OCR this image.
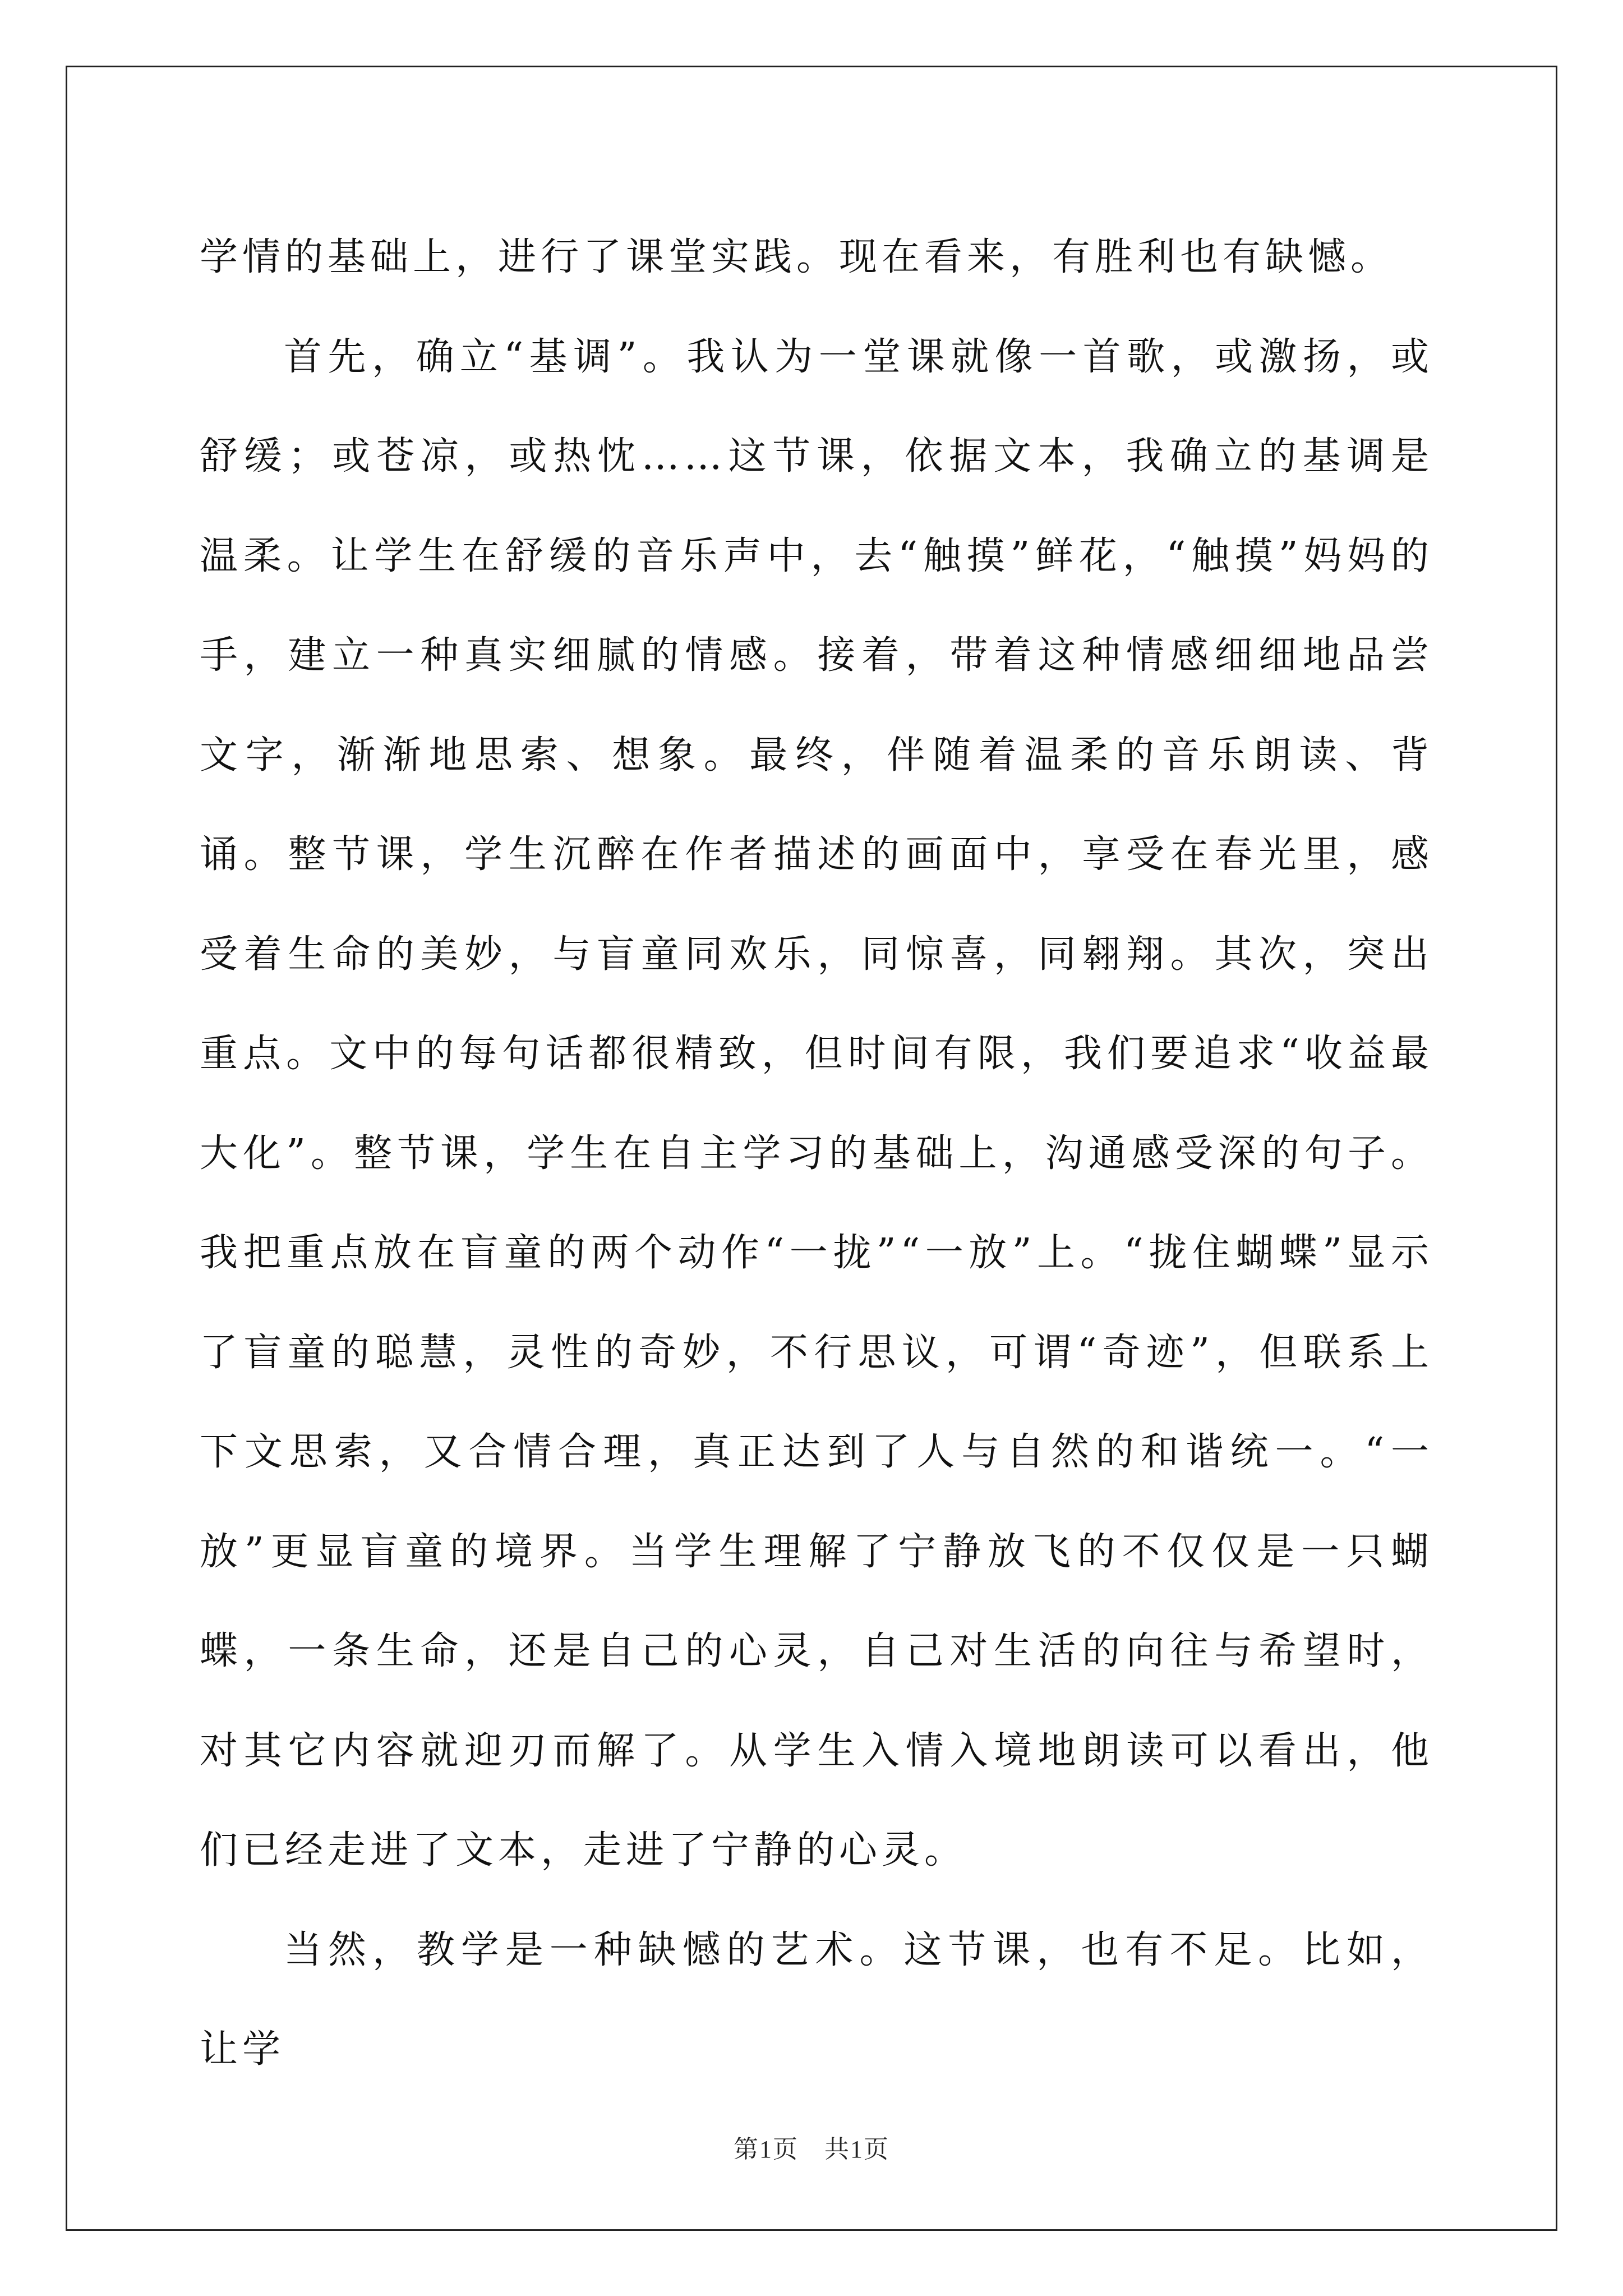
学情的基础上，进行了课堂实践。现在看来，有胜利也有缺憾。

首先，确立“基调”。我认为一堂课就像一首歌，或激扬，或舒缓；或苍凉，或热忱……这节课，依据文本，我确立的基调是温柔。让学生在舒缓的音乐声中，去“触摸”鲜花，“触摸”妈妈的手，建立一种真实细腻的情感。接着，带着这种情感细细地品尝文字，渐渐地思索、想象。最终，伴随着温柔的音乐朗读、背诵。整节课，学生沉醉在作者描述的画面中，享受在春光里，感受着生命的美妙，与盲童同欢乐，同惊喜，同翱翔。其次，突出重点。文中的每句话都很精致，但时间有限，我们要追求“收益最大化”。整节课，学生在自主学习的基础上，沟通感受深的句子。我把重点放在盲童的两个动作“一拢”“一放”上。“拢住蝴蝶”显示了盲童的聪慧，灵性的奇妙，不行思议，可谓“奇迹”，但联系上下文思索，又合情合理，真正达到了人与自然的和谐统一。“一放”更显盲童的境界。当学生理解了宁静放飞的不仅仅是一只蝴蝶，一条生命，还是自己的心灵，自己对生活的向往与希望时，对其它内容就迎刃而解了。从学生入情入境地朗读可以看出，他们已经走进了文本，走进了宁静的心灵。

当然，教学是一种缺憾的艺术。这节课，也有不足。比如，让学

第1页　共1页
